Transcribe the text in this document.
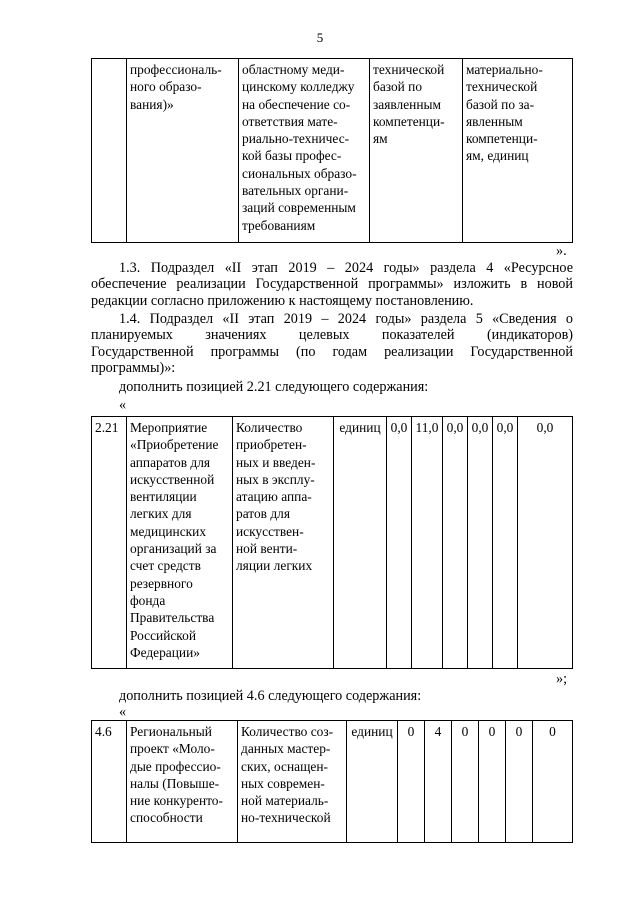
5

профессиональ-
ного образо-
вания)»

областному меди-
цинскому колледжу
на обеспечение со-
ответствия мате-
риально-техничес-
кой базы профес-
сиональных образо-
вательных органи-
заций современным
требованиям

технической
базой по
заявленным
компетенци-
ям

материально-
технической
базой по за-
явленным
компетенци-
ям, единиц
».
1.3. Подраздел «II этап 2019 – 2024 годы» раздела 4 «Ресурсное
обеспечение реализации Государственной программы» изложить в новой
редакции согласно приложению к настоящему постановлению.
1.4. Подраздел «II этап 2019 – 2024 годы» раздела 5 «Сведения о
планируемых значениях целевых показателей (индикаторов)
Государственной программы (по годам реализации Государственной
программы)»:
дополнить позицией 2.21 следующего содержания:
«
2.21	Мероприятие
«Приобретение
аппаратов для
искусственной
вентиляции
легких для
медицинских
организаций за
счет средств
резервного
фонда
Правительства
Российской
Федерации»

Количество
приобретен-
ных и введен-
ных в эксплу-
атацию аппа-
ратов для
искусствен-
ной венти-
ляции легких
	единиц	0,0	11,0	0,0	0,0	0,0	0,0
»;
дополнить позицией 4.6 следующего содержания:
«
4.6	Региональный
проект «Моло-
дые профессио-
налы (Повыше-
ние конкуренто-
способности

Количество соз-
данных мастер-
ских, оснащен-
ных современ-
ной материаль-
но-технической
	единиц	0	4	0	0	0	0
